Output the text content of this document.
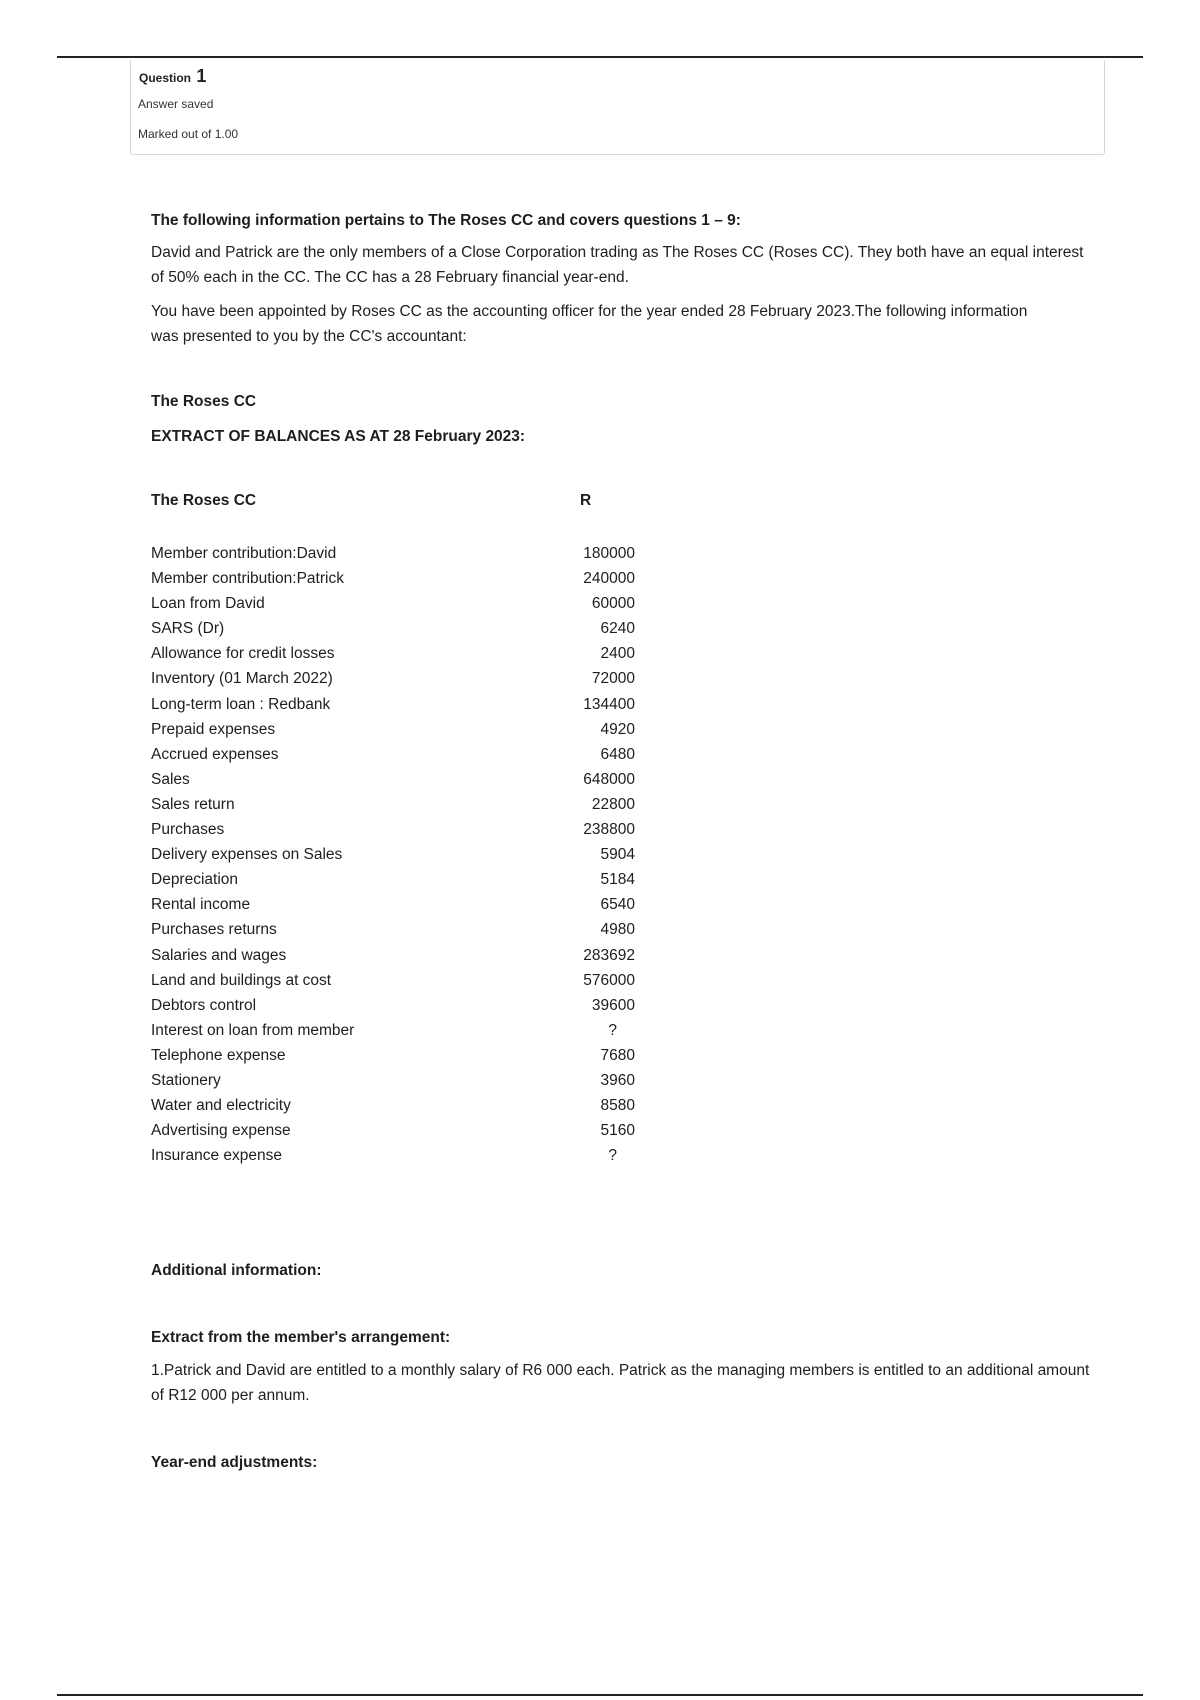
Question 1
Answer saved
Marked out of 1.00

The following information pertains to The Roses CC and covers questions 1 – 9:

David and Patrick are the only members of a Close Corporation trading as The Roses CC (Roses CC). They both have an equal interest of 50% each in the CC. The CC has a 28 February financial year-end.

You have been appointed by Roses CC as the accounting officer for the year ended 28 February 2023.The following information was presented to you by the CC's accountant:

The Roses CC

EXTRACT OF BALANCES AS AT 28 February 2023:

Additional information:

Extract from the member's arrangement:

1.Patrick and David are entitled to a monthly salary of R6 000 each. Patrick as the managing members is entitled to an additional amount of R12 000 per annum.

Year-end adjustments:

The Roses CC	R
Member contribution:David	180000
Member contribution:Patrick	240000
Loan from David	60000
SARS (Dr)	6240
Allowance for credit losses	2400
Inventory (01 March 2022)	72000
Long-term loan : Redbank	134400
Prepaid expenses	4920
Accrued expenses	6480
Sales	648000
Sales return	22800
Purchases	238800
Delivery expenses on Sales	5904
Depreciation	5184
Rental income	6540
Purchases returns	4980
Salaries and wages	283692
Land and buildings at cost	576000
Debtors control	39600
Interest on loan from member	?
Telephone expense	7680
Stationery	3960
Water and electricity	8580
Advertising expense	5160
Insurance expense	?
